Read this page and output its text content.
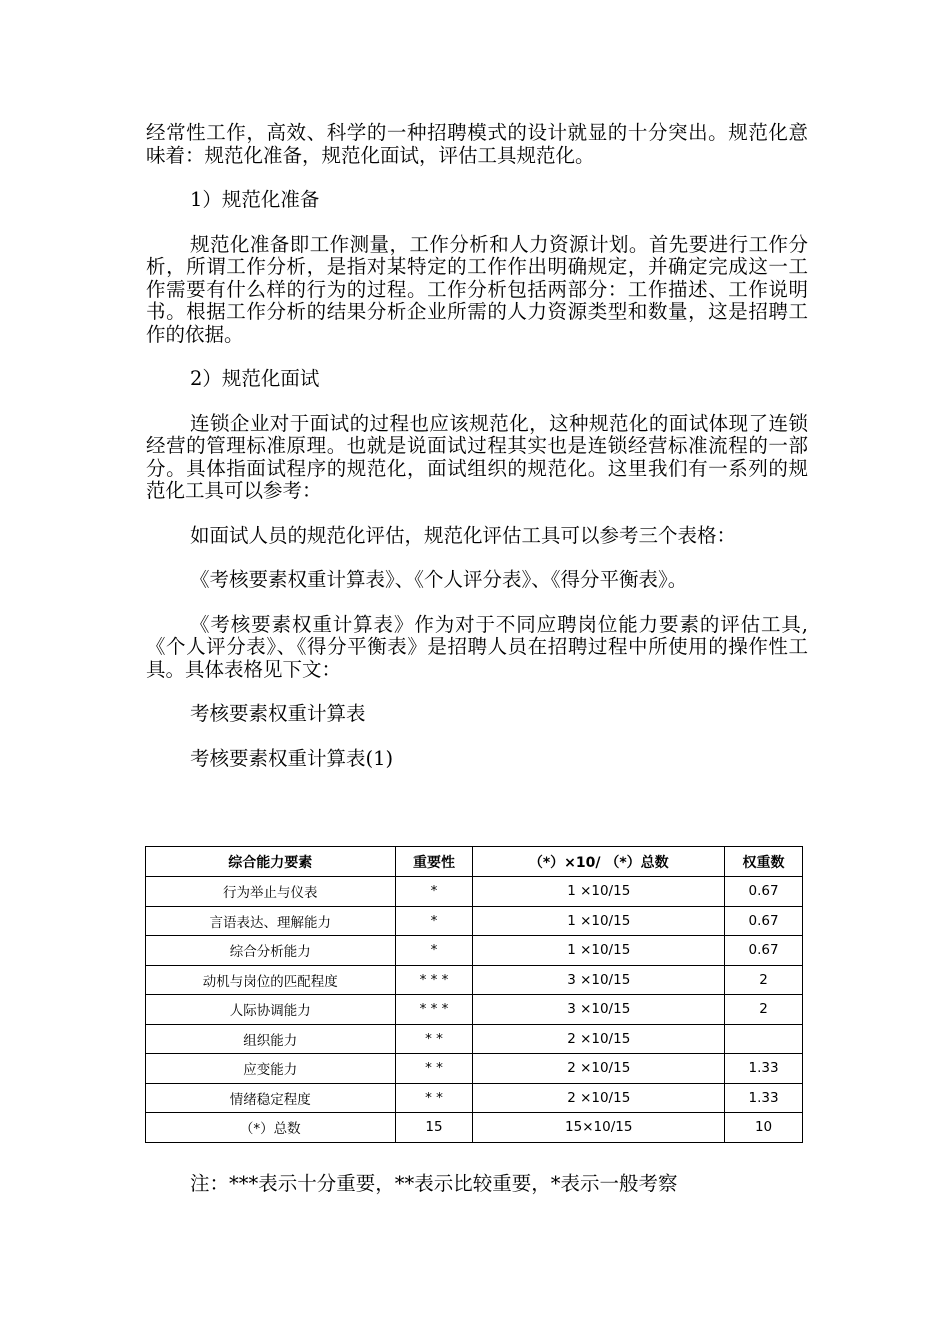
经常性工作，高效、科学的一种招聘模式的设计就显的十分突出。规范化意味着：规范化准备，规范化面试，评估工具规范化。

1）规范化准备

规范化准备即工作测量，工作分析和人力资源计划。首先要进行工作分析，所谓工作分析，是指对某特定的工作作出明确规定，并确定完成这一工作需要有什么样的行为的过程。工作分析包括两部分：工作描述、工作说明书。根据工作分析的结果分析企业所需的人力资源类型和数量，这是招聘工作的依据。

2）规范化面试

连锁企业对于面试的过程也应该规范化，这种规范化的面试体现了连锁经营的管理标准原理。也就是说面试过程其实也是连锁经营标准流程的一部分。具体指面试程序的规范化，面试组织的规范化。这里我们有一系列的规范化工具可以参考：

如面试人员的规范化评估，规范化评估工具可以参考三个表格：

《考核要素权重计算表》、《个人评分表》、《得分平衡表》。

《考核要素权重计算表》作为对于不同应聘岗位能力要素的评估工具,《个人评分表》、《得分平衡表》是招聘人员在招聘过程中所使用的操作性工具。具体表格见下文：

考核要素权重计算表

考核要素权重计算表(1)

综合能力要素	重要性	（*）×10/ （*）总数	权重数
行为举止与仪表	*	1 ×10/15	0.67
言语表达、理解能力	*	1 ×10/15	0.67
综合分析能力	*	1 ×10/15	0.67
动机与岗位的匹配程度	* * *	3 ×10/15	2
人际协调能力	* * *	3 ×10/15	2
组织能力	* *	2 ×10/15	
应变能力	* *	2 ×10/15	1.33
情绪稳定程度	* *	2 ×10/15	1.33
（*）总数	15	15×10/15	10
注：***表示十分重要，**表示比较重要，*表示一般考察
